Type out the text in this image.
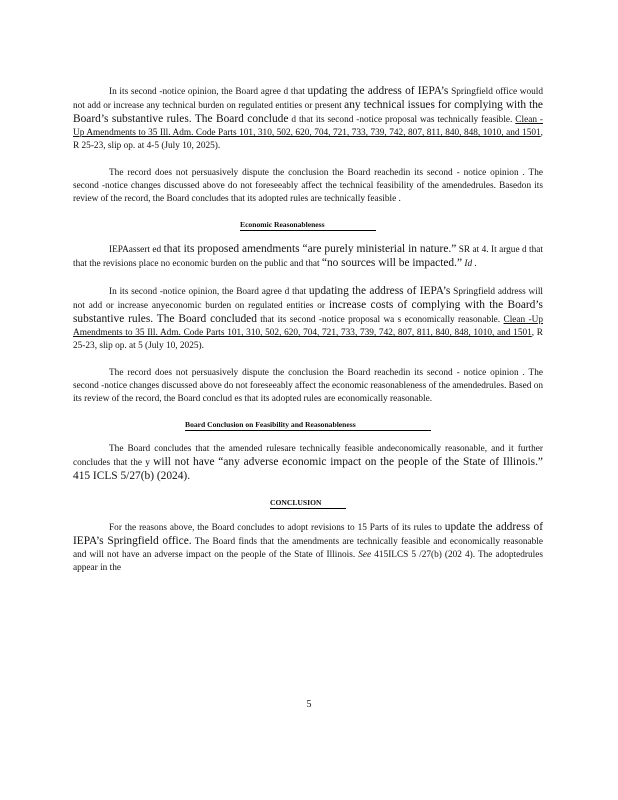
In its second -notice opinion, the Board agree d that updating the address of IEPA’s Springfield office would not add or increase any technical burden on regulated entities or present any technical issues for complying with the Board’s substantive rules. The Board conclude d that its second -notice proposal was technically feasible. Clean -Up Amendments to 35 Ill. Adm. Code Parts 101, 310, 502, 620, 704, 721, 733, 739, 742, 807, 811, 840, 848, 1010, and 1501, R 25-23, slip op. at 4-5 (July 10, 2025).

The record does not persuasively dispute the conclusion the Board reachedin its second - notice opinion . The second -notice changes discussed above do not foreseeably affect the technical feasibility of the amendedrules. Basedon its review of the record, the Board concludes that its adopted rules are technically feasible .

Economic Reasonableness

IEPAassert ed that its proposed amendments “are purely ministerial in nature.” SR at 4. It argue d that that the revisions place no economic burden on the public and that “no sources will be impacted.” Id .

In its second -notice opinion, the Board agree d that updating the address of IEPA’s Springfield address will not add or increase anyeconomic burden on regulated entities or increase costs of complying with the Board’s substantive rules. The Board concluded that its second -notice proposal wa s economically reasonable. Clean -Up Amendments to 35 Ill. Adm. Code Parts 101, 310, 502, 620, 704, 721, 733, 739, 742, 807, 811, 840, 848, 1010, and 1501, R 25-23, slip op. at 5 (July 10, 2025).

The record does not persuasively dispute the conclusion the Board reachedin its second - notice opinion . The second -notice changes discussed above do not foreseeably affect the economic reasonableness of the amendedrules. Based on its review of the record, the Board conclud es that its adopted rules are economically reasonable.

Board Conclusion on Feasibility and Reasonableness

The Board concludes that the amended rulesare technically feasible andeconomically reasonable, and it further concludes that the y will not have “any adverse economic impact on the people of the State of Illinois.” 415 ICLS 5/27(b) (2024).

CONCLUSION

For the reasons above, the Board concludes to adopt revisions to 15 Parts of its rules to update the address of IEPA’s Springfield office. The Board finds that the amendments are technically feasible and economically reasonable and will not have an adverse impact on the people of the State of Illinois. See 415ILCS 5 /27(b) (202 4). The adoptedrules appear in the

5
